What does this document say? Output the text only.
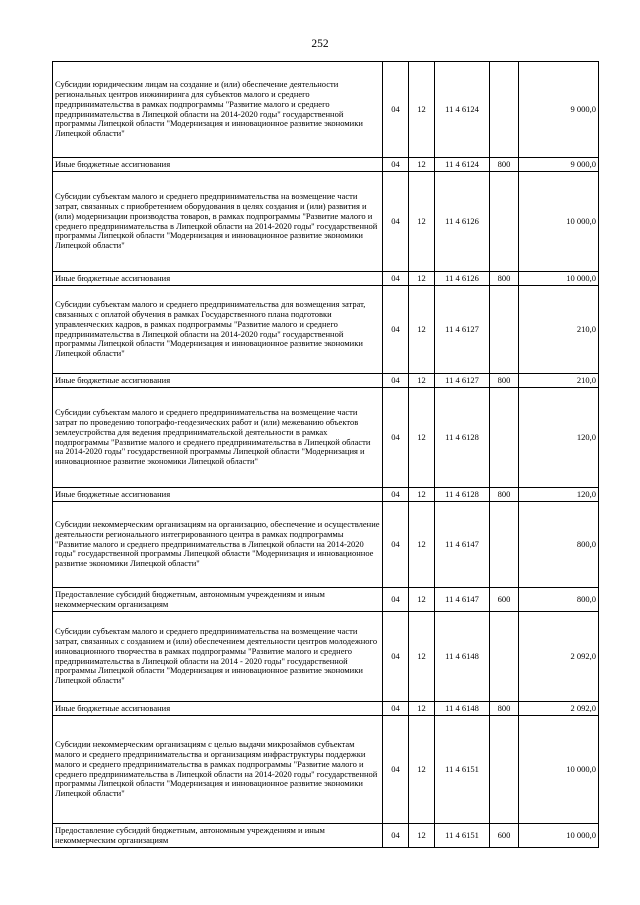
252
Субсидии юридическим лицам на создание и (или) обеспечение деятельности региональных центров инжиниринга для субъектов малого и среднего предпринимательства в рамках подпрограммы "Развитие малого и среднего предпринимательства в Липецкой области на 2014-2020 годы" государственной программы Липецкой области "Модернизация и инновационное развитие экономики Липецкой области"	04	12	11 4 6124		9 000,0
Иные бюджетные ассигнования	04	12	11 4 6124	800	9 000,0
Субсидии субъектам малого и среднего предпринимательства на возмещение части затрат, связанных с приобретением оборудования в целях создания и (или) развития и (или) модернизации производства товаров, в рамках подпрограммы "Развитие малого и среднего предпринимательства в Липецкой области на 2014-2020 годы" государственной программы Липецкой области "Модернизация и инновационное развитие экономики Липецкой области"	04	12	11 4 6126		10 000,0
Иные бюджетные ассигнования	04	12	11 4 6126	800	10 000,0
Субсидии субъектам малого и среднего предпринимательства для возмещения затрат, связанных с оплатой обучения в рамках Государственного плана подготовки управленческих кадров, в рамках подпрограммы "Развитие малого и среднего предпринимательства в Липецкой области на 2014-2020 годы" государственной программы Липецкой области "Модернизация и инновационное развитие экономики Липецкой области"	04	12	11 4 6127		210,0
Иные бюджетные ассигнования	04	12	11 4 6127	800	210,0
Субсидии субъектам малого и среднего предпринимательства на возмещение части затрат по проведению топографо-геодезических работ и (или) межеванию объектов землеустройства для ведения предпринимательской деятельности в рамках подпрограммы "Развитие малого и среднего предпринимательства в Липецкой области на 2014-2020 годы" государственной программы Липецкой области "Модернизация и инновационное развитие экономики Липецкой области"	04	12	11 4 6128		120,0
Иные бюджетные ассигнования	04	12	11 4 6128	800	120,0
Субсидии некоммерческим организациям на организацию, обеспечение и осуществление деятельности регионального интегрированного центра в рамках подпрограммы "Развитие малого и среднего предпринимательства в Липецкой области на 2014-2020 годы" государственной программы Липецкой области "Модернизация и инновационное развитие экономики Липецкой области"	04	12	11 4 6147		800,0
Предоставление субсидий бюджетным, автономным учреждениям и иным некоммерческим организациям	04	12	11 4 6147	600	800,0
Субсидии субъектам малого и среднего предпринимательства на возмещение части затрат, связанных с созданием и (или) обеспечением деятельности центров молодежного инновационного творчества в рамках подпрограммы "Развитие малого и среднего предпринимательства в Липецкой области на 2014 - 2020 годы" государственной программы Липецкой области "Модернизация и инновационное развитие экономики Липецкой области"	04	12	11 4 6148		2 092,0
Иные бюджетные ассигнования	04	12	11 4 6148	800	2 092,0
Субсидии некоммерческим организациям с целью выдачи микрозаймов субъектам малого и среднего предпринимательства и организациям инфраструктуры поддержки малого и среднего предпринимательства в рамках подпрограммы "Развитие малого и среднего предпринимательства в Липецкой области на 2014-2020 годы" государственной программы Липецкой области "Модернизация и инновационное развитие экономики Липецкой области"	04	12	11 4 6151		10 000,0
Предоставление субсидий бюджетным, автономным учреждениям и иным некоммерческим организациям	04	12	11 4 6151	600	10 000,0
